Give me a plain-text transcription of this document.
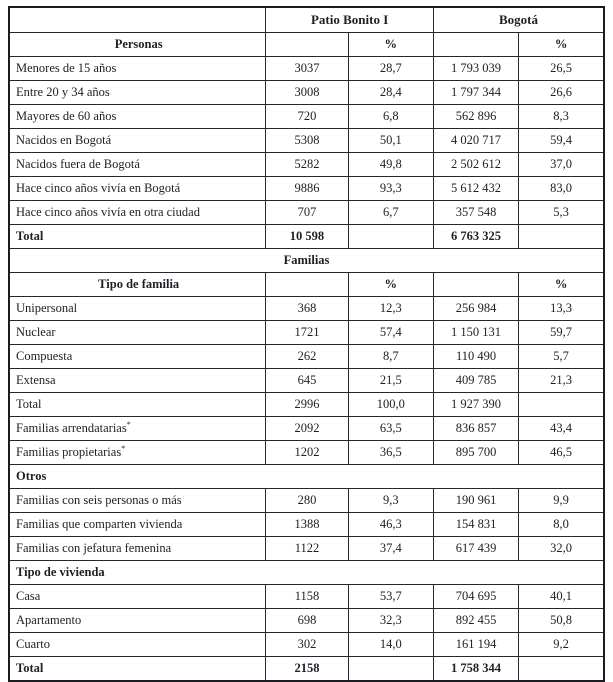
	Patio Bonito I		Bogotá	
Personas		%		%
Menores de 15 años	3037	28,7	1 793 039	26,5
Entre 20 y 34 años	3008	28,4	1 797 344	26,6
Mayores de 60 años	720	6,8	562 896	8,3
Nacidos en Bogotá	5308	50,1	4 020 717	59,4
Nacidos fuera de Bogotá	5282	49,8	2 502 612	37,0
Hace cinco años vivía en Bogotá	9886	93,3	5 612 432	83,0
Hace cinco años vivía en otra ciudad	707	6,7	357 548	5,3
Total	10 598		6 763 325	
Familias				
Tipo de familia		%		%
Unipersonal	368	12,3	256 984	13,3
Nuclear	1721	57,4	1 150 131	59,7
Compuesta	262	8,7	110 490	5,7
Extensa	645	21,5	409 785	21,3
Total	2996	100,0	1 927 390	
Familias arrendatarias*	2092	63,5	836 857	43,4
Familias propietarias*	1202	36,5	895 700	46,5
Otros				
Familias con seis personas o más	280	9,3	190 961	9,9
Familias que comparten vivienda	1388	46,3	154 831	8,0
Familias con jefatura femenina	1122	37,4	617 439	32,0
Tipo de vivienda				
Casa	1158	53,7	704 695	40,1
Apartamento	698	32,3	892 455	50,8
Cuarto	302	14,0	161 194	9,2
Total	2158		1 758 344	
